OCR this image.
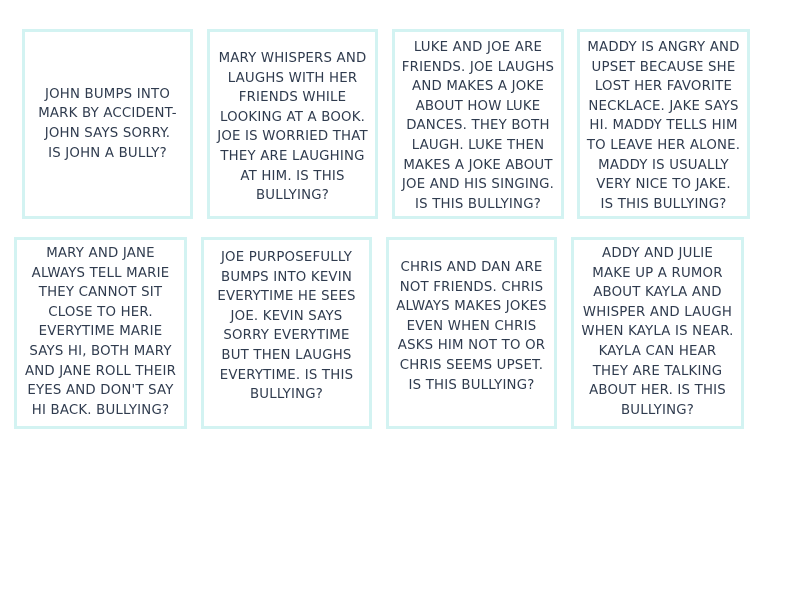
JOHN BUMPS INTO
MARK BY ACCIDENT-
JOHN SAYS SORRY.
IS JOHN A BULLY?
MARY WHISPERS AND
LAUGHS WITH HER
FRIENDS WHILE
LOOKING AT A BOOK.
JOE IS WORRIED THAT
THEY ARE LAUGHING
AT HIM. IS THIS
BULLYING?
LUKE AND JOE ARE
FRIENDS. JOE LAUGHS
AND MAKES A JOKE
ABOUT HOW LUKE
DANCES. THEY BOTH
LAUGH. LUKE THEN
MAKES A JOKE ABOUT
JOE AND HIS SINGING.
IS THIS BULLYING?
MADDY IS ANGRY AND
UPSET BECAUSE SHE
LOST HER FAVORITE
NECKLACE. JAKE SAYS
HI. MADDY TELLS HIM
TO LEAVE HER ALONE.
MADDY IS USUALLY
VERY NICE TO JAKE.
IS THIS BULLYING?
MARY AND JANE
ALWAYS TELL MARIE
THEY CANNOT SIT
CLOSE TO HER.
EVERYTIME MARIE
SAYS HI, BOTH MARY
AND JANE ROLL THEIR
EYES AND DON'T SAY
HI BACK. BULLYING?
JOE PURPOSEFULLY
BUMPS INTO KEVIN
EVERYTIME HE SEES
JOE. KEVIN SAYS
SORRY EVERYTIME
BUT THEN LAUGHS
EVERYTIME. IS THIS
BULLYING?
CHRIS AND DAN ARE
NOT FRIENDS. CHRIS
ALWAYS MAKES JOKES
EVEN WHEN CHRIS
ASKS HIM NOT TO OR
CHRIS SEEMS UPSET.
IS THIS BULLYING?
ADDY AND JULIE
MAKE UP A RUMOR
ABOUT KAYLA AND
WHISPER AND LAUGH
WHEN KAYLA IS NEAR.
KAYLA CAN HEAR
THEY ARE TALKING
ABOUT HER. IS THIS
BULLYING?
